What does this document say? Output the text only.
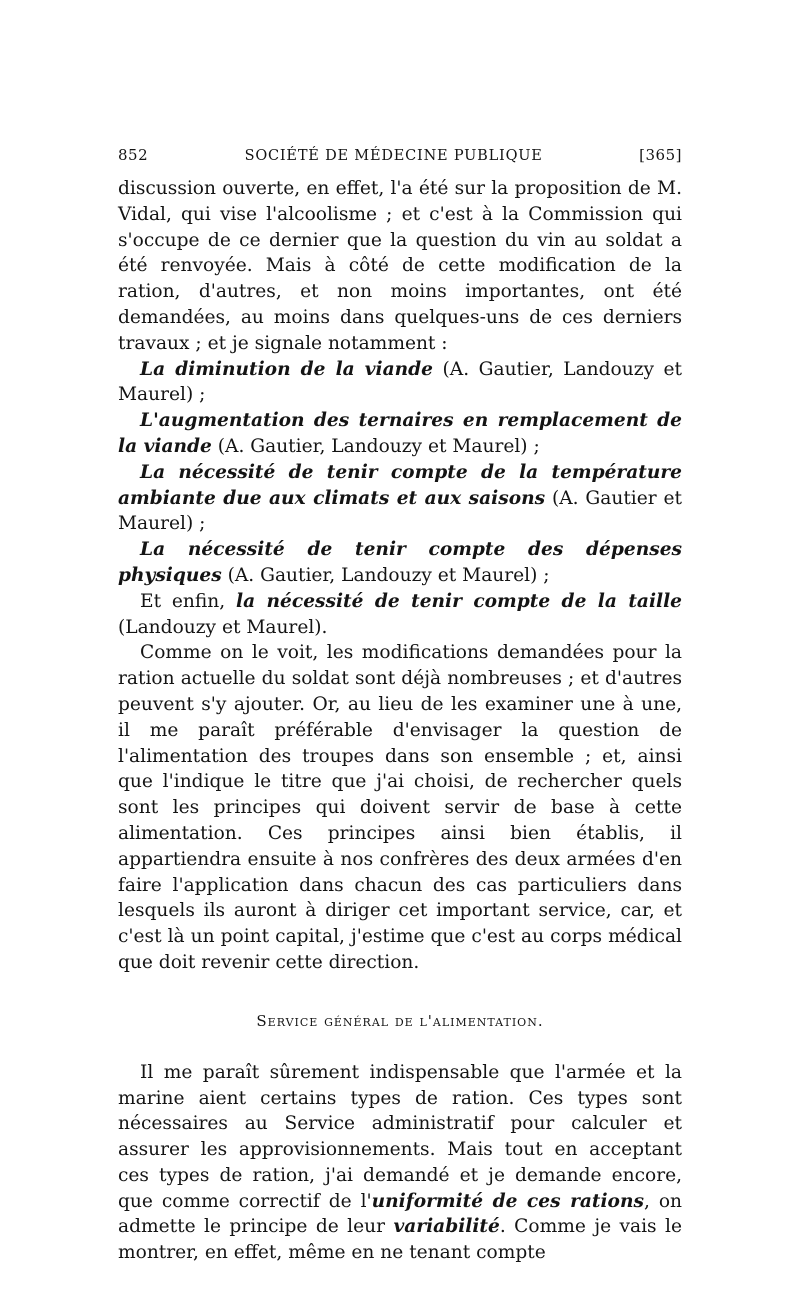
852	SOCIÉTÉ DE MÉDECINE PUBLIQUE	[365]

discussion ouverte, en effet, l'a été sur la proposition de M. Vidal, qui vise l'alcoolisme ; et c'est à la Commission qui s'occupe de ce dernier que la question du vin au soldat a été renvoyée. Mais à côté de cette modification de la ration, d'autres, et non moins importantes, ont été demandées, au moins dans quelques-uns de ces derniers travaux ; et je signale notamment :

La diminution de la viande (A. Gautier, Landouzy et Maurel) ;

L'augmentation des ternaires en remplacement de la viande (A. Gautier, Landouzy et Maurel) ;

La nécessité de tenir compte de la température ambiante due aux climats et aux saisons (A. Gautier et Maurel) ;

La nécessité de tenir compte des dépenses physiques (A. Gautier, Landouzy et Maurel) ;

Et enfin, la nécessité de tenir compte de la taille (Landouzy et Maurel).

Comme on le voit, les modifications demandées pour la ration actuelle du soldat sont déjà nombreuses ; et d'autres peuvent s'y ajouter. Or, au lieu de les examiner une à une, il me paraît préférable d'envisager la question de l'alimentation des troupes dans son ensemble ; et, ainsi que l'indique le titre que j'ai choisi, de rechercher quels sont les principes qui doivent servir de base à cette alimentation. Ces principes ainsi bien établis, il appartiendra ensuite à nos confrères des deux armées d'en faire l'application dans chacun des cas particuliers dans lesquels ils auront à diriger cet important service, car, et c'est là un point capital, j'estime que c'est au corps médical que doit revenir cette direction.

Service général de l'alimentation.

Il me paraît sûrement indispensable que l'armée et la marine aient certains types de ration. Ces types sont nécessaires au Service administratif pour calculer et assurer les approvisionnements. Mais tout en acceptant ces types de ration, j'ai demandé et je demande encore, que comme correctif de l'uniformité de ces rations, on admette le principe de leur variabilité. Comme je vais le montrer, en effet, même en ne tenant compte
